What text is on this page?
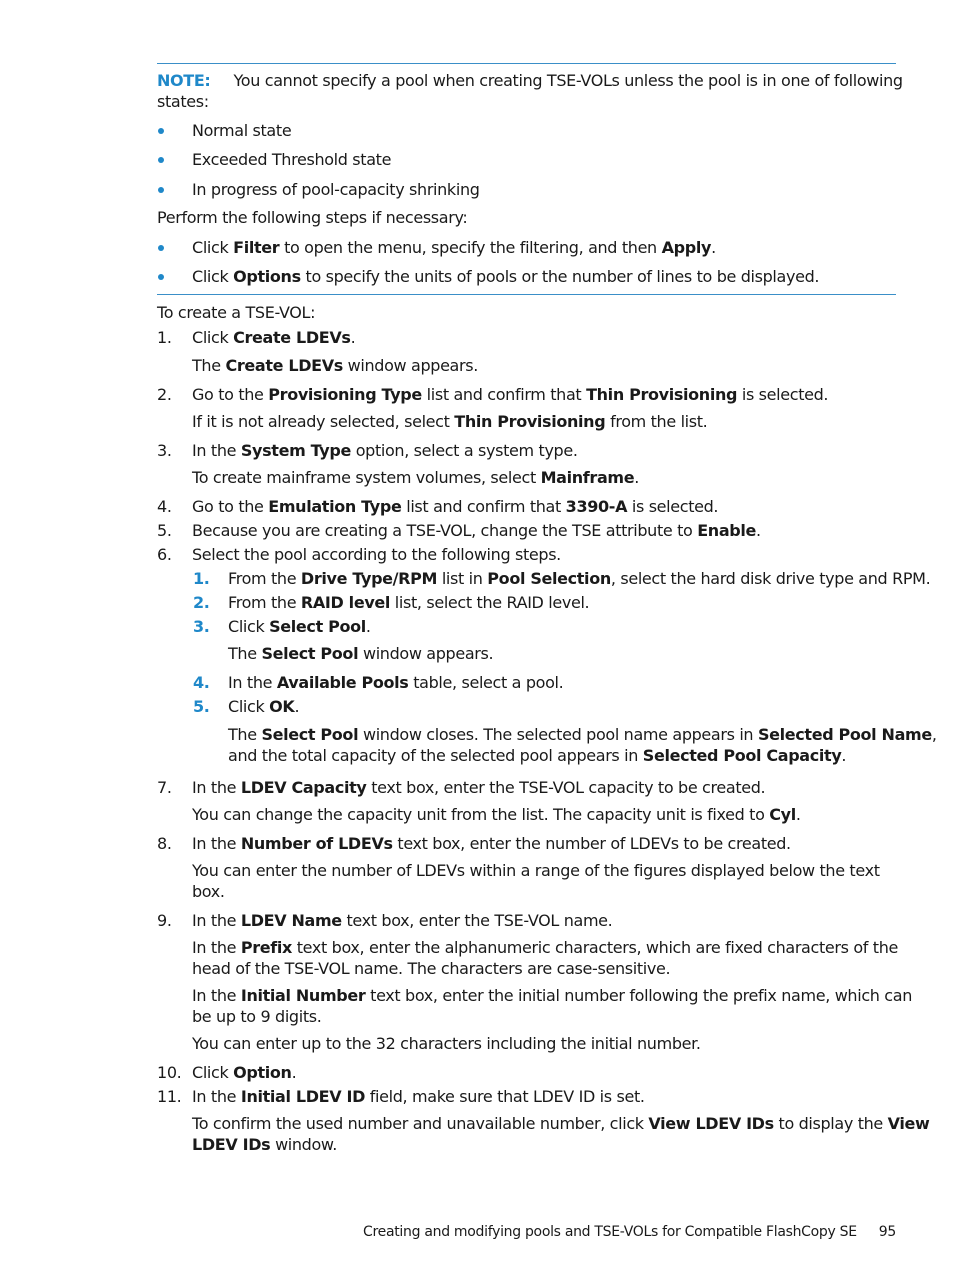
NOTE: You cannot specify a pool when creating TSE-VOLs unless the pool is in one of following
states:
Normal state
Exceeded Threshold state
In progress of pool-capacity shrinking
Perform the following steps if necessary:
Click Filter to open the menu, specify the filtering, and then Apply.
Click Options to specify the units of pools or the number of lines to be displayed.
To create a TSE-VOL:
1.	Click Create LDEVs.
The Create LDEVs window appears.
2.	Go to the Provisioning Type list and confirm that Thin Provisioning is selected.
If it is not already selected, select Thin Provisioning from the list.
3.	In the System Type option, select a system type.
To create mainframe system volumes, select Mainframe.
4.	Go to the Emulation Type list and confirm that 3390-A is selected.
5.	Because you are creating a TSE-VOL, change the TSE attribute to Enable.
6.	Select the pool according to the following steps.
1.	From the Drive Type/RPM list in Pool Selection, select the hard disk drive type and RPM.
2.	From the RAID level list, select the RAID level.
3.	Click Select Pool.
The Select Pool window appears.
4.	In the Available Pools table, select a pool.
5.	Click OK.
The Select Pool window closes. The selected pool name appears in Selected Pool Name,
and the total capacity of the selected pool appears in Selected Pool Capacity.
7.	In the LDEV Capacity text box, enter the TSE-VOL capacity to be created.
You can change the capacity unit from the list. The capacity unit is fixed to Cyl.
8.	In the Number of LDEVs text box, enter the number of LDEVs to be created.
You can enter the number of LDEVs within a range of the figures displayed below the text
box.
9.	In the LDEV Name text box, enter the TSE-VOL name.
In the Prefix text box, enter the alphanumeric characters, which are fixed characters of the
head of the TSE-VOL name. The characters are case-sensitive.
In the Initial Number text box, enter the initial number following the prefix name, which can
be up to 9 digits.
You can enter up to the 32 characters including the initial number.
10. Click Option.
11. In the Initial LDEV ID field, make sure that LDEV ID is set.
To confirm the used number and unavailable number, click View LDEV IDs to display the View
LDEV IDs window.
Creating and modifying pools and TSE-VOLs for Compatible FlashCopy SE 95
